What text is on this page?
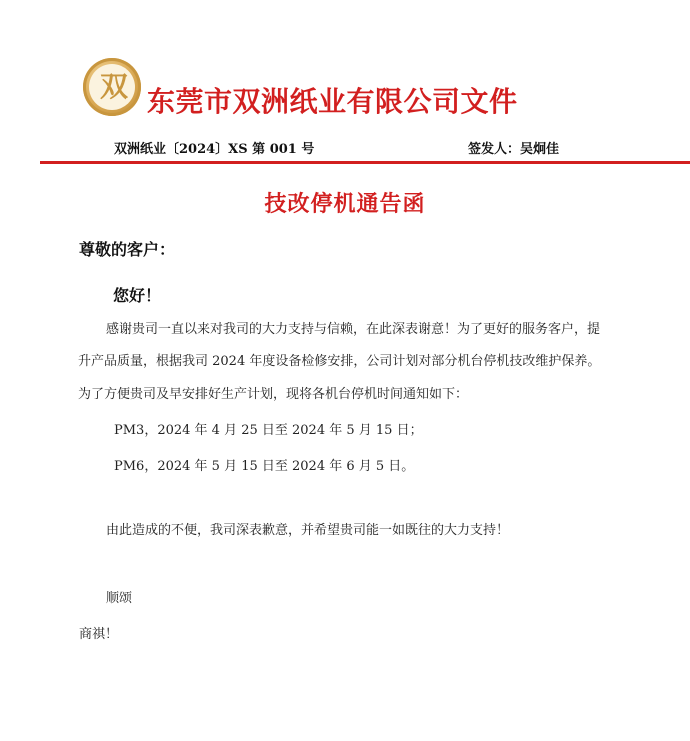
双 东莞市双洲纸业有限公司文件
双洲纸业〔2024〕XS 第 001 号	签发人：吴炯佳
技改停机通告函
尊敬的客户：
您好！
感谢贵司一直以来对我司的大力支持与信赖，在此深表谢意！为了更好的服务客户，提
升产品质量，根据我司 2024 年度设备检修安排，公司计划对部分机台停机技改维护保养。
为了方便贵司及早安排好生产计划，现将各机台停机时间通知如下：
PM3，2024 年 4 月 25 日至 2024 年 5 月 15 日；
PM6，2024 年 5 月 15 日至 2024 年 6 月 5 日。
由此造成的不便，我司深表歉意，并希望贵司能一如既往的大力支持！
顺颂
商祺！
